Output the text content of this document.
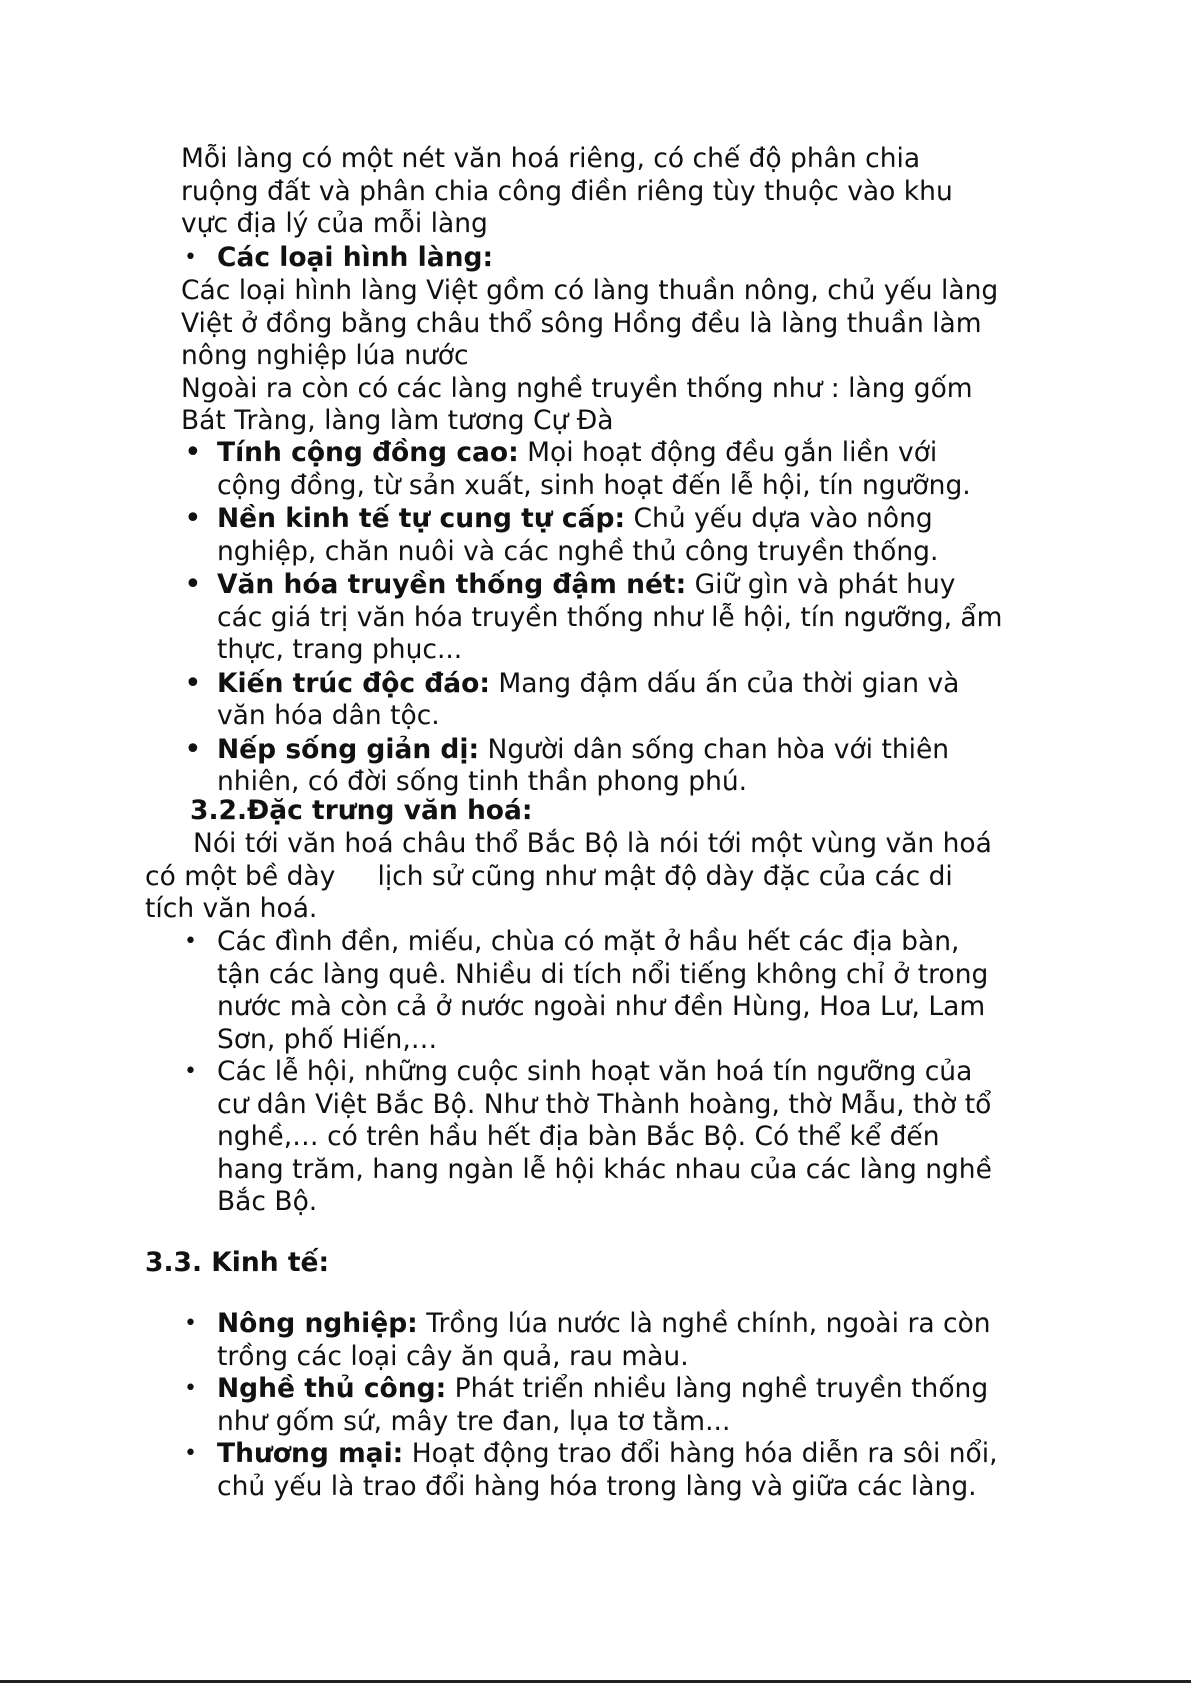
Mỗi làng có một nét văn hoá riêng, có chế độ phân chia
ruộng đất và phân chia công điền riêng tùy thuộc vào khu
vực địa lý của mỗi làng
• Các loại hình làng:
Các loại hình làng Việt gồm có làng thuần nông, chủ yếu làng
Việt ở đồng bằng châu thổ sông Hồng đều là làng thuần làm
nông nghiệp lúa nước
Ngoài ra còn có các làng nghề truyền thống như : làng gốm
Bát Tràng, làng làm tương Cự Đà
• Tính cộng đồng cao: Mọi hoạt động đều gắn liền với
cộng đồng, từ sản xuất, sinh hoạt đến lễ hội, tín ngưỡng.
• Nền kinh tế tự cung tự cấp: Chủ yếu dựa vào nông
nghiệp, chăn nuôi và các nghề thủ công truyền thống.
• Văn hóa truyền thống đậm nét: Giữ gìn và phát huy
các giá trị văn hóa truyền thống như lễ hội, tín ngưỡng, ẩm
thực, trang phục...
• Kiến trúc độc đáo: Mang đậm dấu ấn của thời gian và
văn hóa dân tộc.
• Nếp sống giản dị: Người dân sống chan hòa với thiên
nhiên, có đời sống tinh thần phong phú.
3.2.Đặc trưng văn hoá:
Nói tới văn hoá châu thổ Bắc Bộ là nói tới một vùng văn hoá
có một bề dày     lịch sử cũng như mật độ dày đặc của các di
tích văn hoá.
• Các đình đền, miếu, chùa có mặt ở hầu hết các địa bàn,
tận các làng quê. Nhiều di tích nổi tiếng không chỉ ở trong
nước mà còn cả ở nước ngoài như đền Hùng, Hoa Lư, Lam
Sơn, phố Hiến,…
• Các lễ hội, những cuộc sinh hoạt văn hoá tín ngưỡng của
cư dân Việt Bắc Bộ. Như thờ Thành hoàng, thờ Mẫu, thờ tổ
nghề,… có trên hầu hết địa bàn Bắc Bộ. Có thể kể đến
hang trăm, hang ngàn lễ hội khác nhau của các làng nghề
Bắc Bộ.
3.3. Kinh tế:
• Nông nghiệp: Trồng lúa nước là nghề chính, ngoài ra còn
trồng các loại cây ăn quả, rau màu.
• Nghề thủ công: Phát triển nhiều làng nghề truyền thống
như gốm sứ, mây tre đan, lụa tơ tằm...
• Thương mại: Hoạt động trao đổi hàng hóa diễn ra sôi nổi,
chủ yếu là trao đổi hàng hóa trong làng và giữa các làng.
